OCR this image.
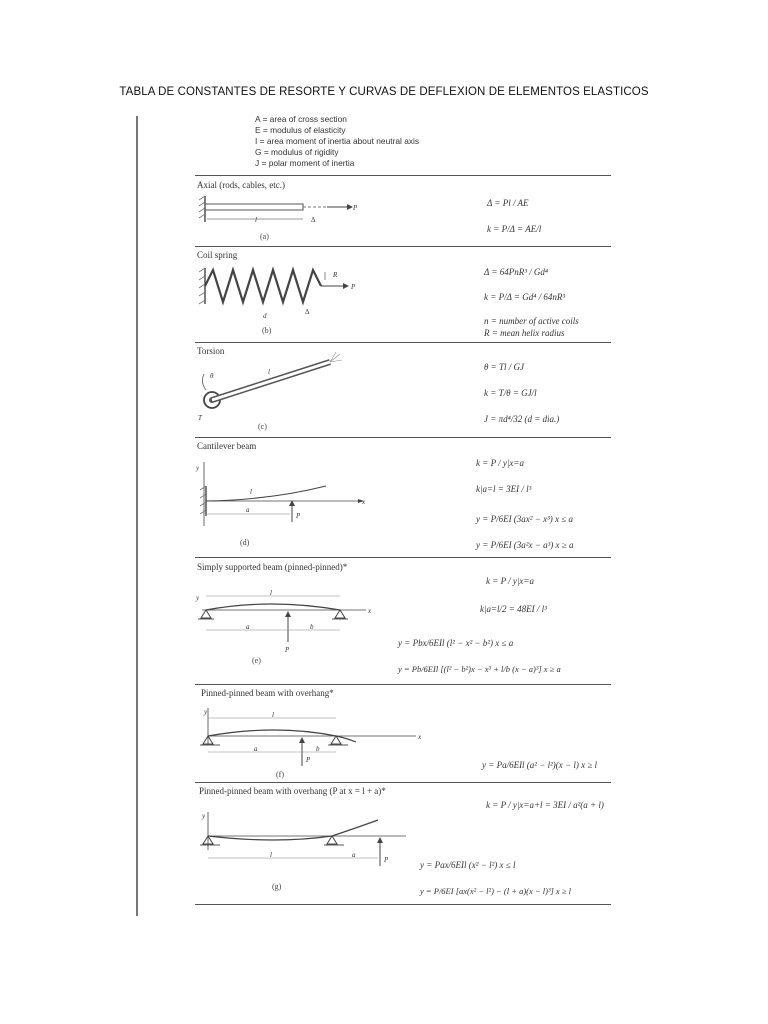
TABLA DE CONSTANTES DE RESORTE Y CURVAS DE DEFLEXION DE ELEMENTOS ELASTICOS
A = area of cross section
E = modulus of elasticity
I = area moment of inertia about neutral axis
G = modulus of rigidity
J = polar moment of inertia
Axial (rods, cables, etc.)
P
l	Δ
(a)
Δ = Pl / AE
k = P/Δ = AE/l
Coil spring
P
R
d	Δ
(b)
Δ = 64PnR³ / Gd⁴
k = P/Δ = Gd⁴ / 64nR³
n = number of active coils
R = mean helix radius
Torsion
θ	l
T
(c)
θ = Tl / GJ
k = T/θ = GJ/l
J = πd⁴/32 (d = dia.)
Cantilever beam
y
x
l
P
a
(d)
k = P / y|x=a
k|a=l = 3EI / l³
y = P/6EI (3ax² − x³) x ≤ a
y = P/6EI (3a²x − a³) x ≥ a
Simply supported beam (pinned-pinned)*
y
x
l
P
a	b
(e)
k = P / y|x=a
k|a=l/2 = 48EI / l³
y = Pbx/6EIl (l² − x² − b²) x ≤ a
y = Pb/6EIl [(l² − b²)x − x³ + l/b (x − a)³] x ≥ a
Pinned-pinned beam with overhang*
y
x
l
P
a	b
(f)
y = Pa/6EIl (a² − l²)(x − l) x ≥ l
Pinned-pinned beam with overhang (P at x = l + a)*
y
P
l	a
(g)
k = P / y|x=a+l = 3EI / a²(a + l)
y = Pax/6EIl (x² − l²) x ≤ l
y = P/6EI [ax(x² − l²) − (l + a)(x − l)³] x ≥ l
